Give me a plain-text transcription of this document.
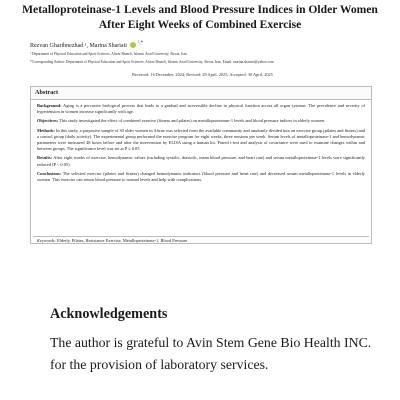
Metalloproteinase-1 Levels and Blood Pressure Indices in Older Women After Eight Weeks of Combined Exercise
Rezvan Gharibnezhad ¹, Marina Shariati $^{^1,*}$

¹ Department of Physical Education and Sport Sciences, Ahvaz Branch, Islamic Azad University, Ahvaz, Iran

*Corresponding Author: Department of Physical Education and Sport Sciences, Ahvaz Branch, Islamic Azad University, Ahvaz, Iran. Email: marina.shariati@yahoo.com

Received: 16 December, 2024; Revised: 29 April, 2025; Accepted: 30 April, 2025
Abstract

Background: Aging is a pervasive biological process that leads to a gradual and irreversible decline in physical function across all organ systems. The prevalence and severity of hypertension in women increase significantly with age.

Objectives: This study investigated the effect of combined exercise (fitness and pilates) on metalloproteinase-1 levels and blood pressure indices in elderly women.

Methods: In this study, a purposive sample of 30 older women in Ahvaz was selected from the available community and randomly divided into an exercise group (pilates and fitness) and a control group (daily activity). The experimental group performed the exercise program for eight weeks, three sessions per week. Serum levels of metalloproteinase-1 and hemodynamic parameters were measured 48 hours before and after the intervention by ELISA using a human kit. Paired t-test and analysis of covariance were used to examine changes within and between groups. The significance level was set at P ≤ 0.05.

Results: After eight weeks of exercise, hemodynamic values (including systolic, diastolic, mean blood pressure, and heart rate) and serum metalloproteinase-1 levels were significantly reduced (P < 0.05).

Conclusions: The selected exercise (pilates and fitness) changed hemodynamic indicators (blood pressure and heart rate) and decreased serum metalloproteinase-1 levels in elderly women. This exercise can return blood pressure to normal levels and help with complications.

Keywords: Elderly, Pilates, Resistance Exercise, Metalloproteinase-1, Blood Pressure
Acknowledgements
The author is grateful to Avin Stem Gene Bio Health INC. for the provision of laboratory services.
